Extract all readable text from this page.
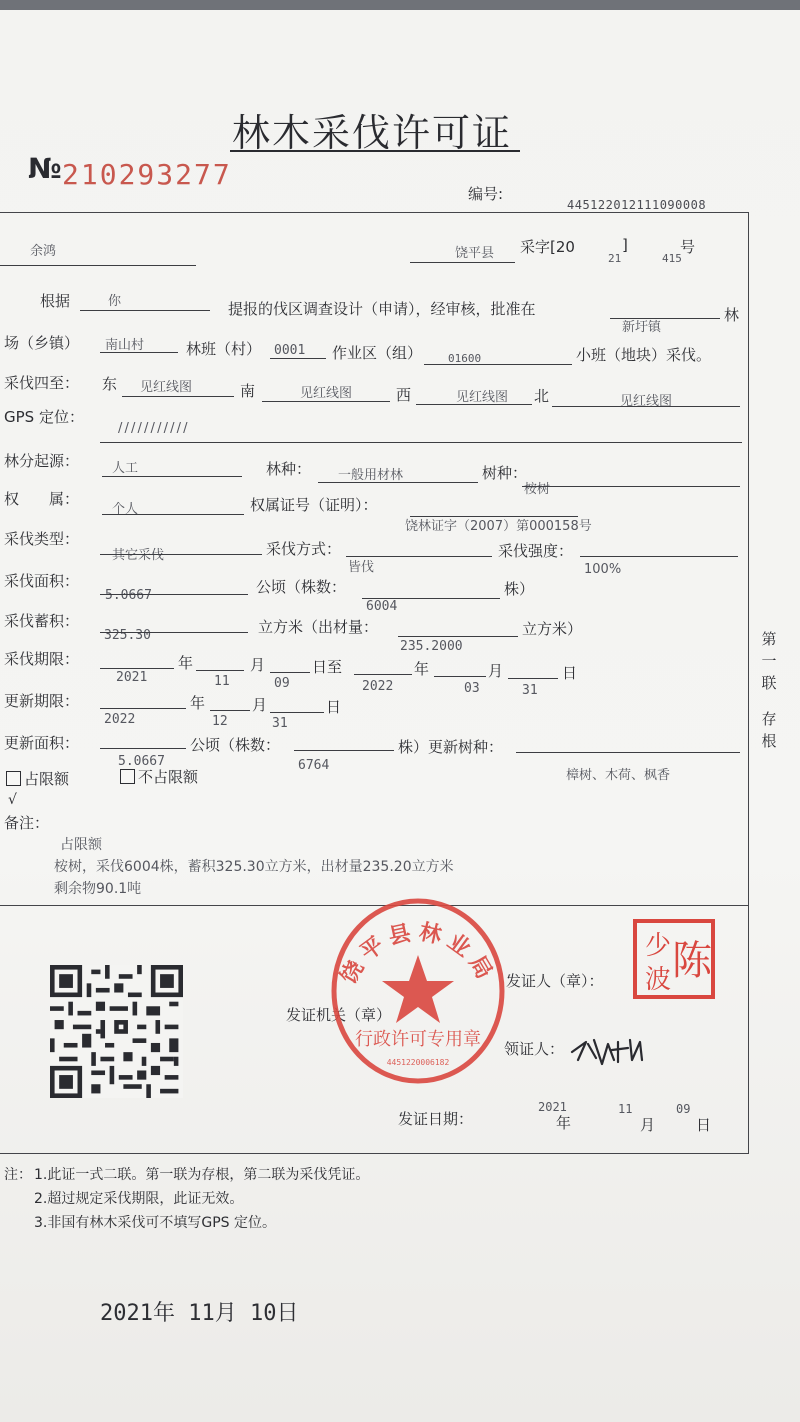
林木采伐许可证
№ 210293277
编号:
445122012111090008
余鸿	饶平县 采字[20	]	号
21	415
根据	你	提报的伐区调查设计（申请），经审核，批准在
新圩镇
林
场（乡镇） 南山村	林班（村） 0001 作业区（组） 01600	小班（地块）采伐。
采伐四至： 东 见红线图	南	见红线图	西	见红线图 北	见红线图
GPS 定位：
/ / / / / / / / / / /
林分起源：	人工	林种： 一般用材林	树种：
桉树
权　　属：
个人	权属证号（证明）：
饶林证字（2007）第000158号
采伐类型：
其它采伐	采伐方式：
皆伐
采伐强度：
100%
采伐面积：
5.0667	公顷（株数：
6004
株）
采伐蓄积：
325.30	立方米（出材量：
235.2000
立方米）
采伐期限：
2021
年
11
月
09
日至
2022
年
03
月
31
日
更新期限：
2022
年
12
月
31
日
更新面积：
5.0667
公顷（株数：
6764
株）更新树种：
樟树、木荷、枫香
占限额	不占限额
√
备注：
占限额
桉树，采伐6004株，蓄积325.30立方米，出材量235.20立方米
剩余物90.1吨
第一联
存根
发证机关（章）
发证人（章）：
领证人：
发证日期：
2021
年
11
月
09
日
饶平县林业局
行政许可专用章
4451220006182
少
波 陈
注： 1.此证一式二联。第一联为存根，第二联为采伐凭证。
2.超过规定采伐期限，此证无效。
3.非国有林木采伐可不填写GPS 定位。
2021年 11月 10日
